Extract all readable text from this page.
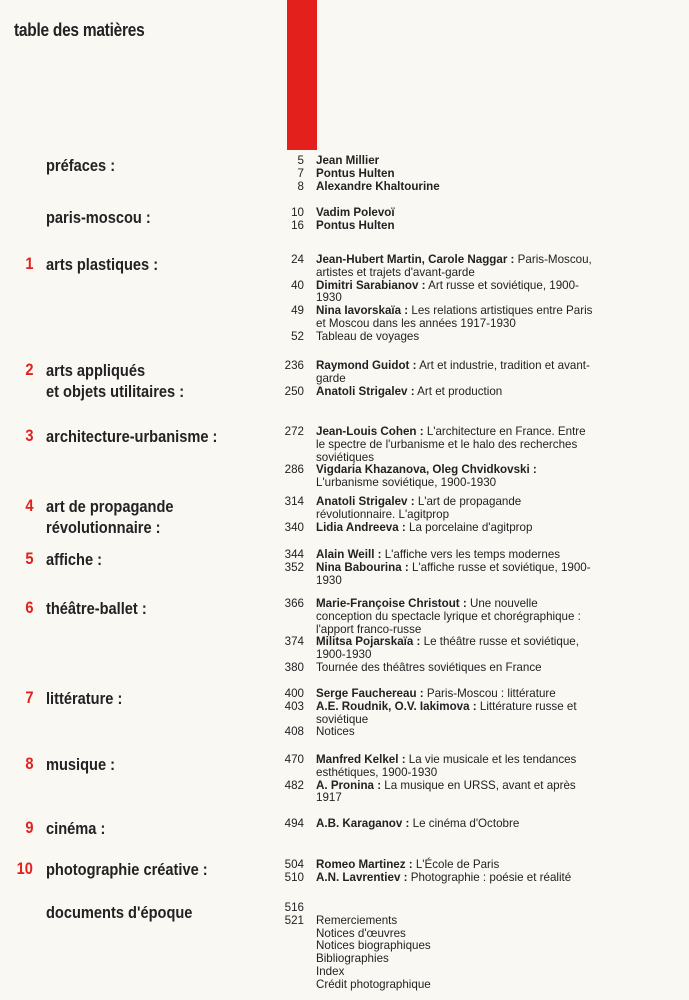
table des matières
préfaces :	5 Jean Millier
7 Pontus Hulten
8 Alexandre Khaltourine
paris-moscou :	10 Vadim Polevoï
16 Pontus Hulten
1 arts plastiques :	24 Jean-Hubert Martin, Carole Naggar : Paris-Moscou, artistes et trajets d'avant-garde
40 Dimitri Sarabianov : Art russe et soviétique, 1900-1930
49 Nina Iavorskaïa : Les relations artistiques entre Paris et Moscou dans les années 1917-1930
52 Tableau de voyages
2 arts appliqués
et objets utilitaires :
236 Raymond Guidot : Art et industrie, tradition et avant-garde
250 Anatoli Strigalev : Art et production
3 architecture-urbanisme :	272 Jean-Louis Cohen : L'architecture en France. Entre le spectre de l'urbanisme et le halo des recherches soviétiques
286 Vigdaria Khazanova, Oleg Chvidkovski : L'urbanisme soviétique, 1900-1930
4 art de propagande
révolutionnaire :
314 Anatoli Strigalev : L'art de propagande révolutionnaire. L'agitprop
340 Lidia Andreeva : La porcelaine d'agitprop
5 affiche :	344 Alain Weill : L'affiche vers les temps modernes
352 Nina Babourina : L'affiche russe et soviétique, 1900-1930
6 théâtre-ballet :	366 Marie-Françoise Christout : Une nouvelle conception du spectacle lyrique et chorégraphique : l'apport franco-russe
374 Militsa Pojarskaïa : Le théâtre russe et soviétique, 1900-1930
380 Tournée des théâtres soviétiques en France
7 littérature :	400 Serge Fauchereau : Paris-Moscou : littérature
403 A.E. Roudnik, O.V. Iakimova : Littérature russe et soviétique
408 Notices
8 musique :	470 Manfred Kelkel : La vie musicale et les tendances esthétiques, 1900-1930
482 A. Pronina : La musique en URSS, avant et après 1917
9 cinéma :	494 A.B. Karaganov : Le cinéma d'Octobre
10 photographie créative :	504 Romeo Martinez : L'École de Paris
510 A.N. Lavrentiev : Photographie : poésie et réalité
documents d'époque	516

521 Remerciements
Notices d'œuvres
Notices biographiques
Bibliographies
Index
Crédit photographique
